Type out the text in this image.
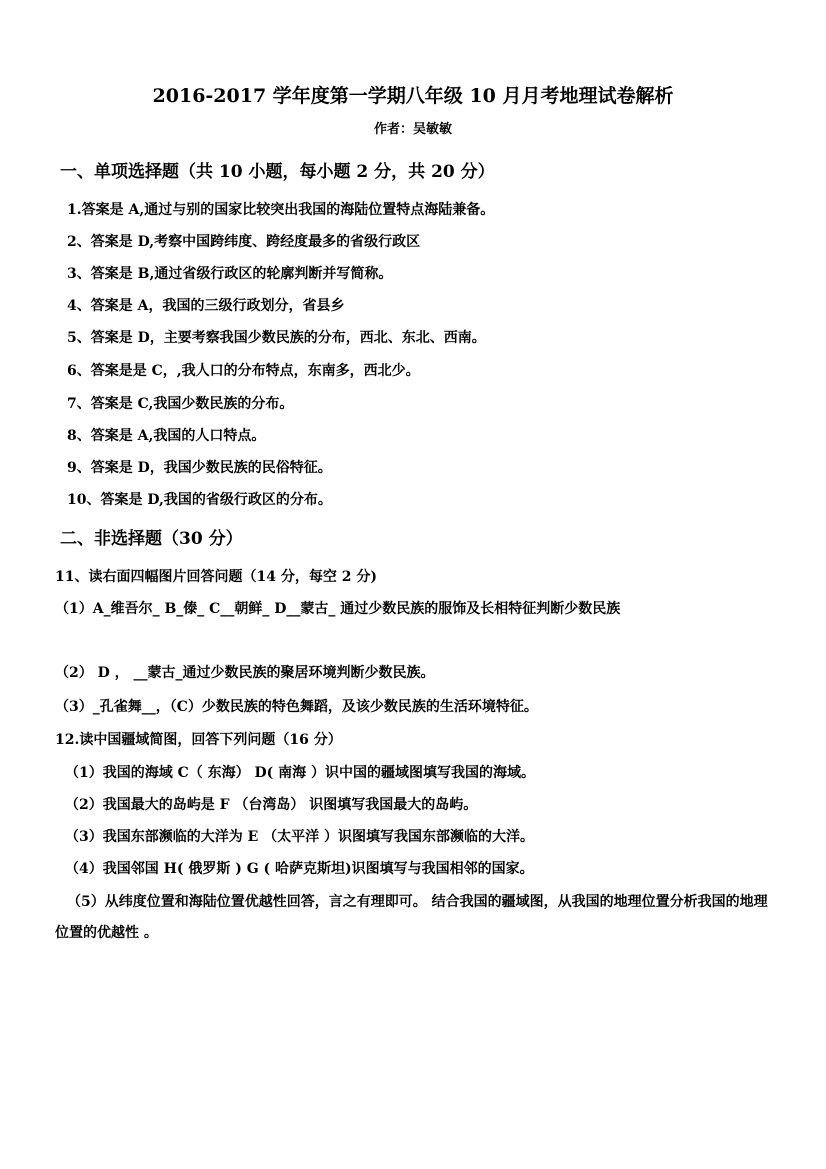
2016-2017 学年度第一学期八年级 10 月月考地理试卷解析
作者：吴敏敏
一、单项选择题（共 10 小题，每小题 2 分，共 20 分）
1.答案是 A,通过与别的国家比较突出我国的海陆位置特点海陆兼备。
2、答案是 D,考察中国跨纬度、跨经度最多的省级行政区
3、答案是 B,通过省级行政区的轮廓判断并写简称。
4、答案是 A，我国的三级行政划分，省县乡
5、答案是 D，主要考察我国少数民族的分布，西北、东北、西南。
6、答案是是 C，,我人口的分布特点，东南多，西北少。
7、答案是 C,我国少数民族的分布。
8、答案是 A,我国的人口特点。
9、答案是 D，我国少数民族的民俗特征。
10、答案是 D,我国的省级行政区的分布。
二、非选择题（30 分）
11、读右面四幅图片回答问题（14 分，每空 2 分)
（1）A_维吾尔_ B_傣_ C__朝鲜_ D__蒙古_ 通过少数民族的服饰及长相特征判断少数民族
（2） D ， __蒙古_通过少数民族的聚居环境判断少数民族。
（3）_孔雀舞__，（C）少数民族的特色舞蹈，及该少数民族的生活环境特征。
12.读中国疆域简图，回答下列问题（16 分）
（1）我国的海域 C（ 东海） D( 南海 ）识中国的疆域图填写我国的海域。
（2）我国最大的岛屿是 F （台湾岛） 识图填写我国最大的岛屿。
（3）我国东部濒临的大洋为 E （太平洋 ）识图填写我国东部濒临的大洋。
（4）我国邻国 H( 俄罗斯 ) G ( 哈萨克斯坦)识图填写与我国相邻的国家。
（5）从纬度位置和海陆位置优越性回答，言之有理即可。 结合我国的疆域图，从我国的地理位置分析我国的地理位置的优越性 。
